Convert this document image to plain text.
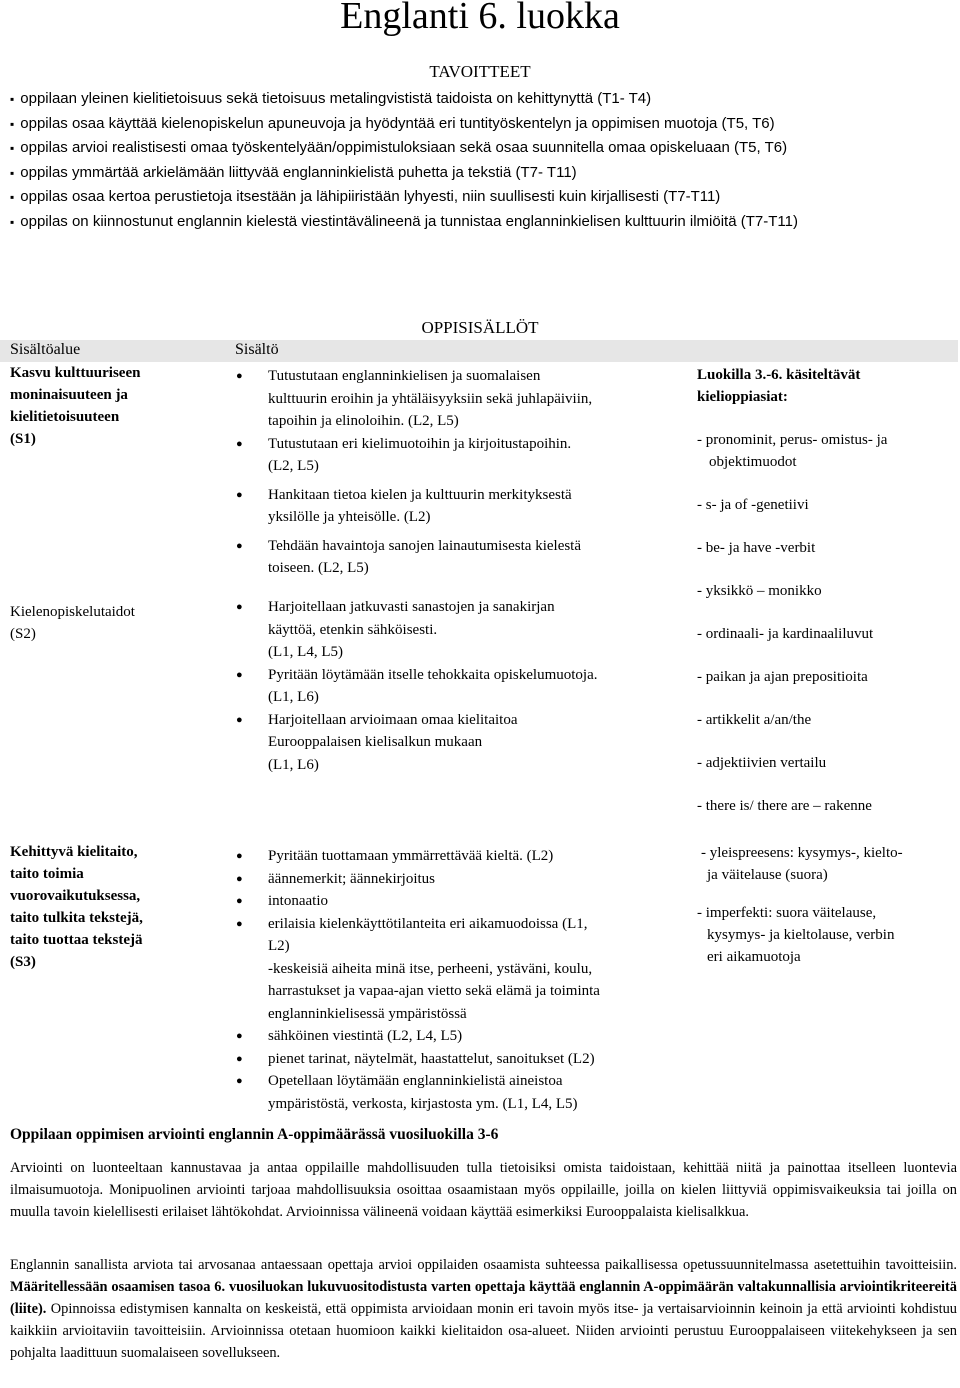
Englanti 6. luokka
TAVOITTEET
▪ oppilaan yleinen kielitietoisuus sekä tietoisuus metalingvististä taidoista on kehittynyttä (T1- T4)
▪ oppilas osaa käyttää kielenopiskelun apuneuvoja ja hyödyntää eri tuntityöskentelyn ja oppimisen muotoja (T5, T6)
▪ oppilas arvioi realistisesti omaa työskentelyään/oppimistuloksiaan sekä osaa suunnitella omaa opiskeluaan (T5, T6)
▪ oppilas ymmärtää arkielämään liittyvää englanninkielistä puhetta ja tekstiä (T7- T11)
▪ oppilas osaa kertoa perustietoja itsestään ja lähipiiristään lyhyesti, niin suullisesti kuin kirjallisesti (T7-T11)
▪ oppilas on kiinnostunut englannin kielestä viestintävälineenä ja tunnistaa englanninkielisen kulttuurin ilmiöitä (T7-T11)
OPPISISÄLLÖT
Sisältöalue	Sisältö
Kasvu kulttuuriseen
moninaisuuteen ja
kielitietoisuuteen
(S1)
● Tutustutaan englanninkielisen ja suomalaisen
kulttuurin eroihin ja yhtäläisyyksiin sekä juhlapäiviin,
tapoihin ja elinoloihin. (L2, L5)
● Tutustutaan eri kielimuotoihin ja kirjoitustapoihin.
(L2, L5)
● Hankitaan tietoa kielen ja kulttuurin merkityksestä
yksilölle ja yhteisölle. (L2)
● Tehdään havaintoja sanojen lainautumisesta kielestä
toiseen. (L2, L5)
Kielenopiskelutaidot
(S2)
● Harjoitellaan jatkuvasti sanastojen ja sanakirjan
käyttöä, etenkin sähköisesti.
(L1, L4, L5)
● Pyritään löytämään itselle tehokkaita opiskelumuotoja.
(L1, L6)
● Harjoitellaan arvioimaan omaa kielitaitoa
Eurooppalaisen kielisalkun mukaan
(L1, L6)
Kehittyvä kielitaito,
taito toimia
vuorovaikutuksessa,
taito tulkita tekstejä,
taito tuottaa tekstejä
(S3)
● Pyritään tuottamaan ymmärrettävää kieltä. (L2)
● äännemerkit; äännekirjoitus
● intonaatio
● erilaisia kielenkäyttötilanteita eri aikamuodoissa (L1,
L2)
-keskeisiä aiheita minä itse, perheeni, ystäväni, koulu,
harrastukset ja vapaa-ajan vietto sekä elämä ja toiminta
englanninkielisessä ympäristössä
● sähköinen viestintä (L2, L4, L5)
● pienet tarinat, näytelmät, haastattelut, sanoitukset (L2)
● Opetellaan löytämään englanninkielistä aineistoa
ympäristöstä, verkosta, kirjastosta ym. (L1, L4, L5)
Luokilla 3.-6. käsiteltävät
kielioppiasiat:
- pronominit, perus- omistus- ja
objektimuodot
- s- ja of -genetiivi
- be- ja have -verbit
- yksikkö – monikko
- ordinaali- ja kardinaaliluvut
- paikan ja ajan prepositioita
- artikkelit a/an/the
- adjektiivien vertailu
- there is/ there are – rakenne
- yleispreesens: kysymys-, kielto-
ja väitelause (suora)
- imperfekti: suora väitelause,
kysymys- ja kieltolause, verbin
eri aikamuotoja
Oppilaan oppimisen arviointi englannin A-oppimäärässä vuosiluokilla 3-6
Arviointi on luonteeltaan kannustavaa ja antaa oppilaille mahdollisuuden tulla tietoisiksi omista taidoistaan, kehittää niitä ja painottaa itselleen luontevia ilmaisumuotoja. Monipuolinen arviointi tarjoaa mahdollisuuksia osoittaa osaamistaan myös oppilaille, joilla on kielen liittyviä oppimisvaikeuksia tai joilla on muulla tavoin kielellisesti erilaiset lähtökohdat. Arvioinnissa välineenä voidaan käyttää esimerkiksi Eurooppalaista kielisalkkua.
Englannin sanallista arviota tai arvosanaa antaessaan opettaja arvioi oppilaiden osaamista suhteessa paikallisessa opetussuunnitelmassa asetettuihin tavoitteisiin. Määritellessään osaamisen tasoa 6. vuosiluokan lukuvuositodistusta varten opettaja käyttää englannin A-oppimäärän valtakunnallisia arviointikriteereitä (liite). Opinnoissa edistymisen kannalta on keskeistä, että oppimista arvioidaan monin eri tavoin myös itse- ja vertaisarvioinnin keinoin ja että arviointi kohdistuu kaikkiin arvioitaviin tavoitteisiin. Arvioinnissa otetaan huomioon kaikki kielitaidon osa-alueet. Niiden arviointi perustuu Eurooppalaiseen viitekehykseen ja sen pohjalta laadittuun suomalaiseen sovellukseen.
